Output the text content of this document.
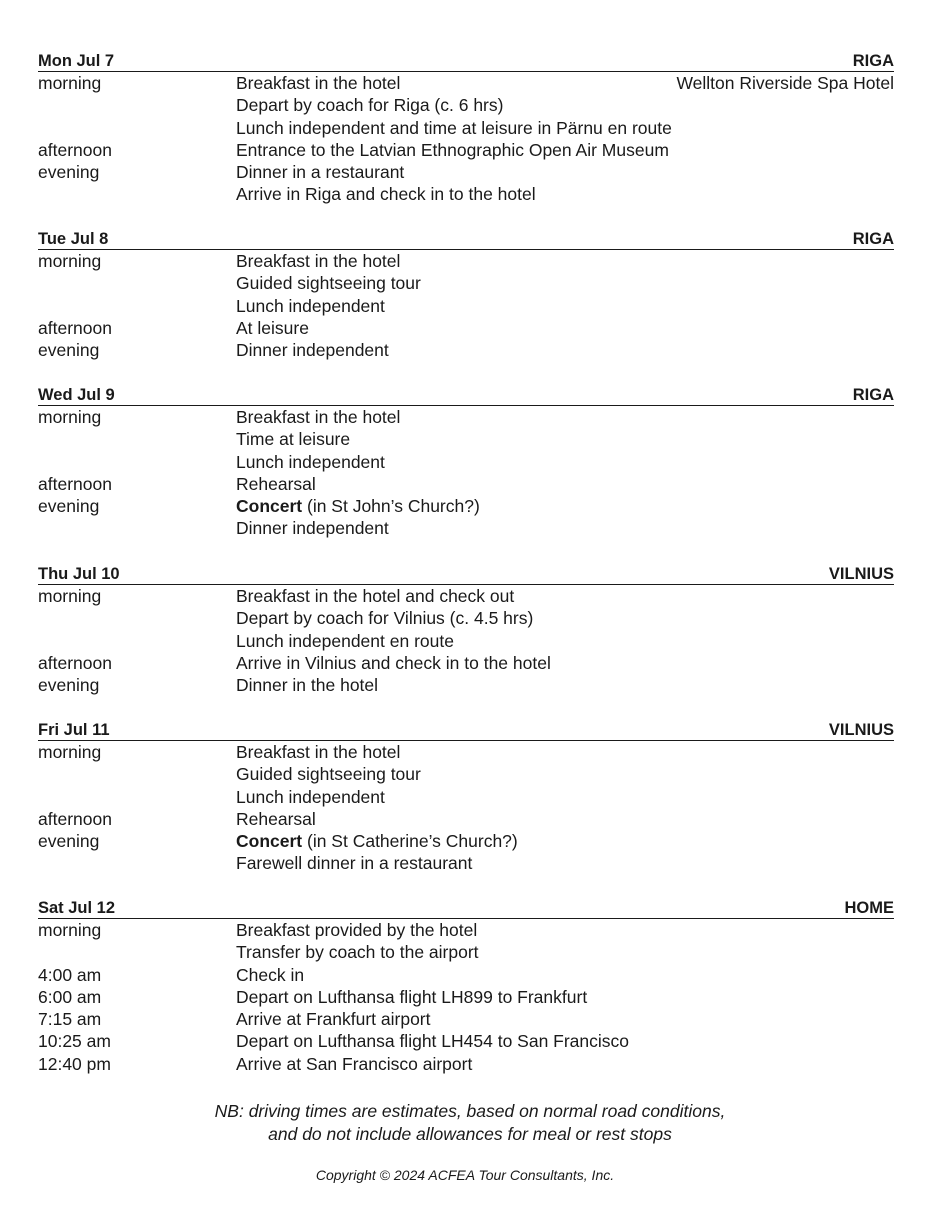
Mon Jul 7	RIGA
morning	Breakfast in the hotel	Wellton Riverside Spa Hotel
Depart by coach for Riga (c. 6 hrs)
Lunch independent and time at leisure in Pärnu en route
afternoon	Entrance to the Latvian Ethnographic Open Air Museum
evening	Dinner in a restaurant
Arrive in Riga and check in to the hotel
Tue Jul 8	RIGA
morning	Breakfast in the hotel
Guided sightseeing tour
Lunch independent
afternoon	At leisure
evening	Dinner independent
Wed Jul 9	RIGA
morning	Breakfast in the hotel
Time at leisure
Lunch independent
afternoon	Rehearsal
evening	Concert (in St John’s Church?)
Dinner independent
Thu Jul 10	VILNIUS
morning	Breakfast in the hotel and check out
Depart by coach for Vilnius (c. 4.5 hrs)
Lunch independent en route
afternoon	Arrive in Vilnius and check in to the hotel
evening	Dinner in the hotel
Fri Jul 11	VILNIUS
morning	Breakfast in the hotel
Guided sightseeing tour
Lunch independent
afternoon	Rehearsal
evening	Concert (in St Catherine’s Church?)
Farewell dinner in a restaurant
Sat Jul 12	HOME
morning	Breakfast provided by the hotel
Transfer by coach to the airport
4:00 am	Check in
6:00 am	Depart on Lufthansa flight LH899 to Frankfurt
7:15 am	Arrive at Frankfurt airport
10:25 am	Depart on Lufthansa flight LH454 to San Francisco
12:40 pm	Arrive at San Francisco airport
NB: driving times are estimates, based on normal road conditions,
and do not include allowances for meal or rest stops
Copyright © 2024 ACFEA Tour Consultants, Inc.
